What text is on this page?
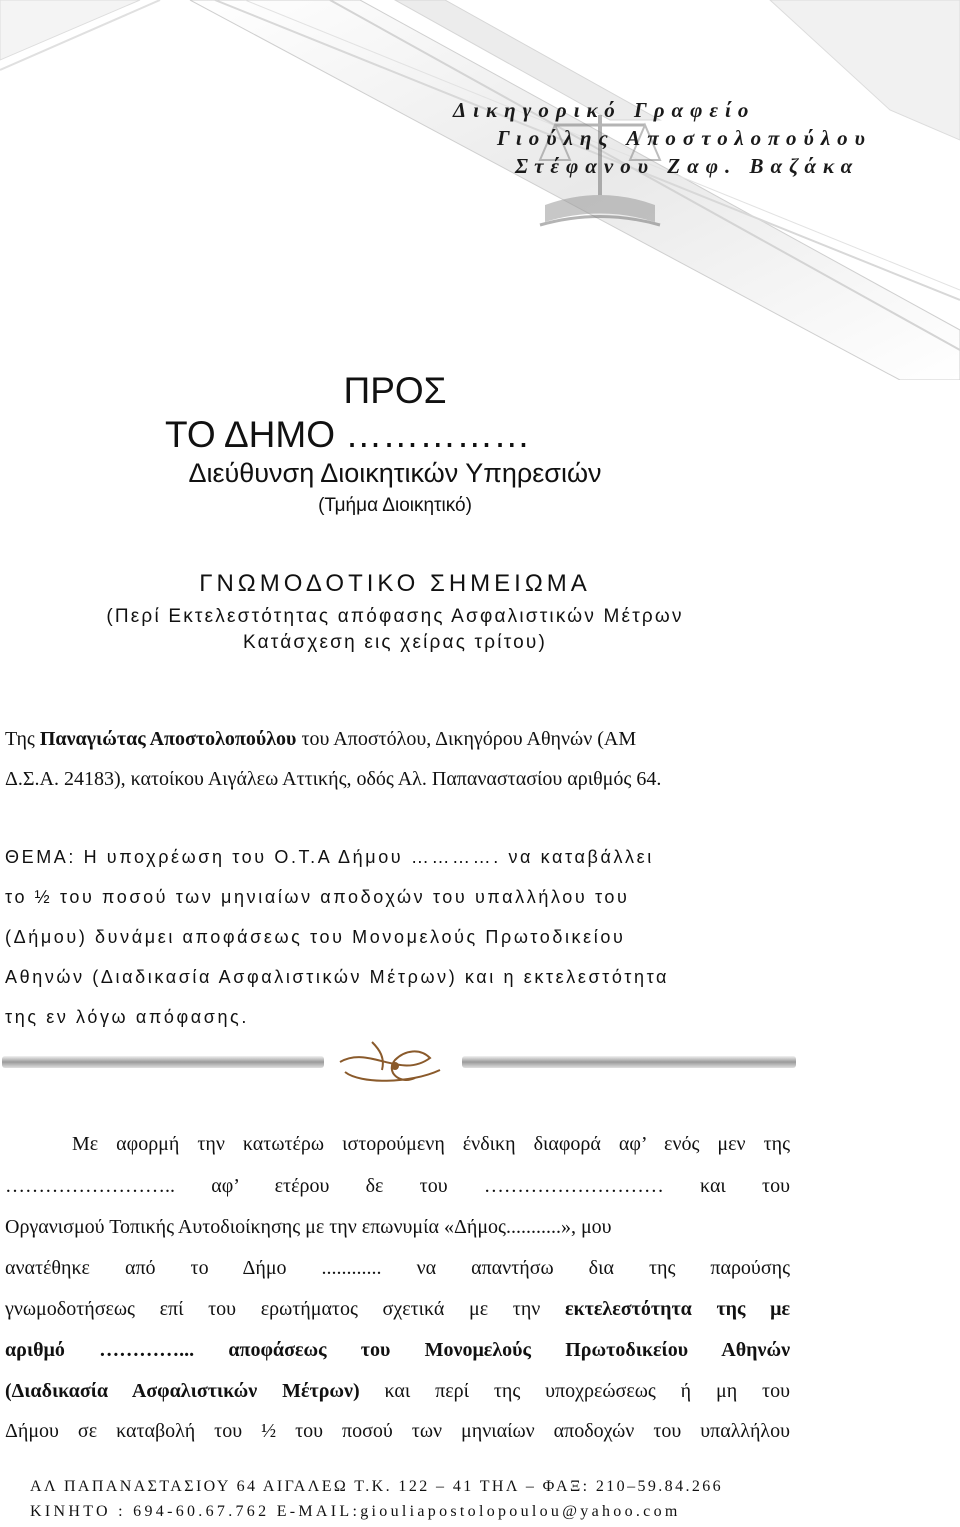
Δικηγορικό Γραφείο
Γιούλης Αποστολοπούλου
Στέφανου Ζαφ. Βαζάκα
ΠΡΟΣ
ΤΟ ΔΗΜΟ ……………
Διεύθυνση Διοικητικών Υπηρεσιών
(Τμήμα Διοικητικό)
ΓΝΩΜΟΔΟΤΙΚΟ ΣΗΜΕΙΩΜΑ
(Περί Εκτελεστότητας απόφασης Ασφαλιστικών Μέτρων
Κατάσχεση εις χείρας τρίτου)
Της Παναγιώτας Αποστολοπούλου του Αποστόλου, Δικηγόρου Αθηνών (ΑΜ
Δ.Σ.Α. 24183), κατοίκου Αιγάλεω Αττικής, οδός Αλ. Παπαναστασίου αριθμός 64.
ΘΕΜΑ: Η υποχρέωση του Ο.Τ.Α Δήμου …………. να καταβάλλει
το ½ του ποσού των μηνιαίων αποδοχών του υπαλλήλου του
(Δήμου) δυνάμει αποφάσεως του Μονομελούς Πρωτοδικείου
Αθηνών (Διαδικασία Ασφαλιστικών Μέτρων) και η εκτελεστότητα
της εν λόγω απόφασης.
Με αφορμή την κατωτέρω ιστορούμενη ένδικη διαφορά αφ’ ενός μεν της
…………………….. αφ’ ετέρου δε του ……………………… και του
Οργανισμού Τοπικής Αυτοδιοίκησης με την επωνυμία «Δήμος...........», μου
ανατέθηκε από το Δήμο ............ να απαντήσω δια της παρούσης
γνωμοδοτήσεως επί του ερωτήματος σχετικά με την εκτελεστότητα της με
αριθμό …………... αποφάσεως του Μονομελούς Πρωτοδικείου Αθηνών
(Διαδικασία Ασφαλιστικών Μέτρων) και περί της υποχρεώσεως ή μη του
Δήμου σε καταβολή του ½ του ποσού των μηνιαίων αποδοχών του υπαλλήλου
ΑΛ ΠΑΠΑΝΑΣΤΑΣΙΟΥ 64 ΑΙΓΑΛΕΩ Τ.Κ. 122 – 41 ΤΗΛ – ΦΑΞ: 210–59.84.266
ΚΙΝΗΤΟ : 694-60.67.762 E-MAIL:giouliapostolopoulou@yahoo.com
